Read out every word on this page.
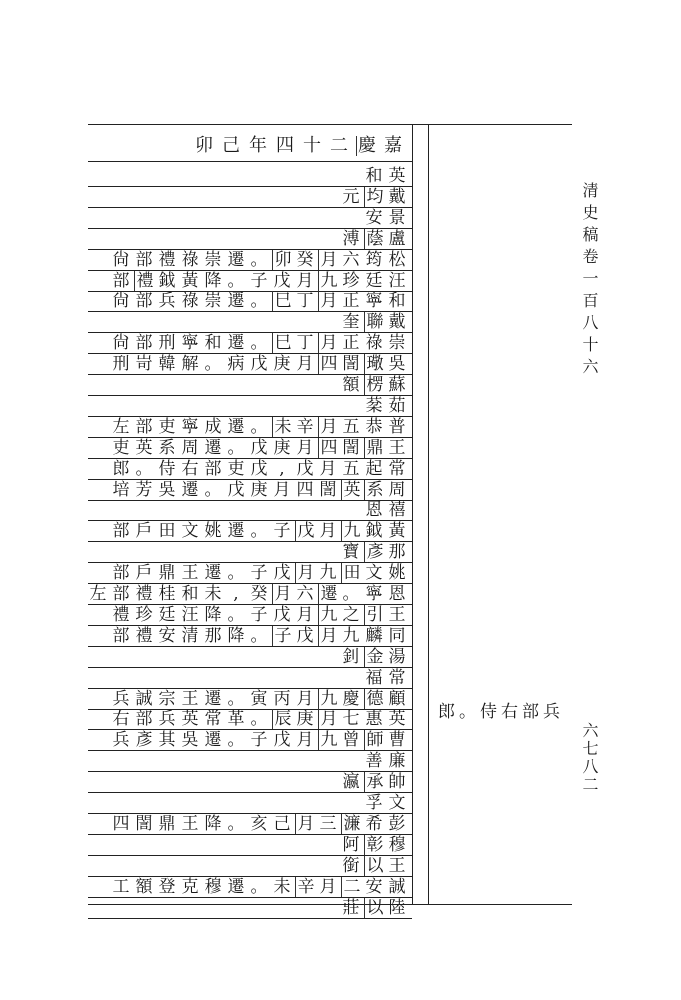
卯 己 年 四 十 二 慶 嘉
和 英
元 均 戴
安 景
溥 蔭 盧
尙 部 禮 祿 崇 遷 。 卯 癸 月 六 筠 松
部 禮 鉞 黃 降 。 子 戊 月 九 珍 廷 汪
尙 部 兵 祿 崇 遷 。 巳 丁 月 正 寧 和
奎 聯 戴
尙 部 刑 寧 和 遷 。 巳 丁 月 正 祿 崇
刑 岢 韓 解 。 病 戊 庚 月 四 誾 璥 吳
額 楞 蘇
棻 茹
左 部 吏 寧 成 遷 。 未 辛 月 五 恭 普
吏 英 系 周 遷 。 戊 庚 月 四 誾 鼎 王
郎 。 侍 右 部 吏 戊 , 戊 月 五 起 常
培 芳 吳 遷 。 戊 庚 月 四 誾 英 系 周
恩 禧
部 戶 田 文 姚 遷 。 子 戊 月 九 鉞 黃
寶 彥 那
部 戶 鼎 王 遷 。 子 戊 月 九 田 文 姚
左 部 禮 桂 和 未 , 癸 月 六 遷 。 寧 恩
禮 珍 廷 汪 降 。 子 戊 月 九 之 引 王
部 禮 安 清 那 降 。 子 戊 月 九 麟 同
釗 金 湯
福 常
兵 誠 宗 王 遷 。 寅 丙 月 九 慶 德 顧
右 部 兵 英 常 革 。 辰 庚 月 七 惠 英
兵 彥 其 吳 遷 。 子 戊 月 九 曾 師 曹
善 廉
瀛 承 帥
孚 文
四 誾 鼎 王 降 。 亥 己 月 三 濂 希 彭
阿 彰 穆
銜 以 王
工 額 登 克 穆 遷 。 未 辛 月 二 安 誠
莊 以 陸
郎。侍右部兵
清史稿卷一百八十六
六七八二
